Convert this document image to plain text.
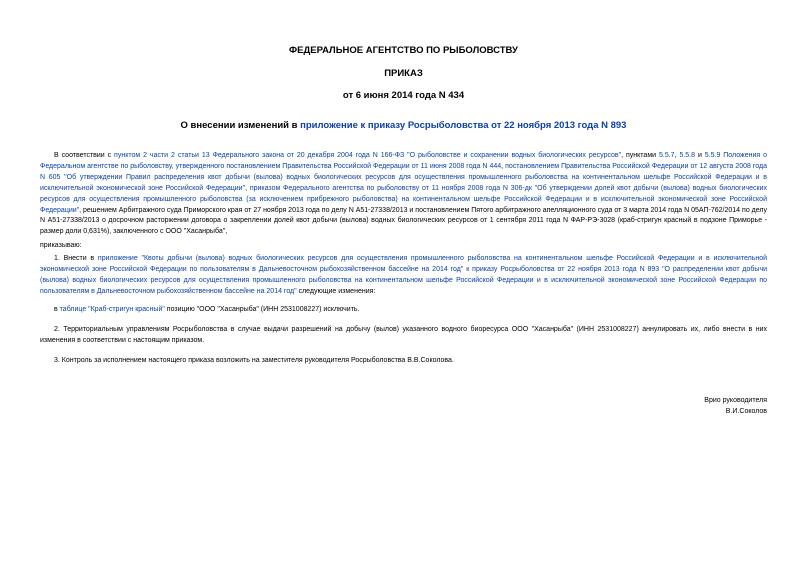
ФЕДЕРАЛЬНОЕ АГЕНТСТВО ПО РЫБОЛОВСТВУ
ПРИКАЗ
от 6 июня 2014 года N 434
О внесении изменений в приложение к приказу Росрыболовства от 22 ноября 2013 года N 893
В соответствии с пунктом 2 части 2 статьи 13 Федерального закона от 20 декабря 2004 года N 166-ФЗ "О рыболовстве и сохранении водных биологических ресурсов", пунктами 5.5.7, 5.5.8 и 5.5.9 Положения о Федеральном агентстве по рыболовству, утвержденного постановлением Правительства Российской Федерации от 11 июня 2008 года N 444, постановлением Правительства Российской Федерации от 12 августа 2008 года N 605 "Об утверждении Правил распределения квот добычи (вылова) водных биологических ресурсов для осуществления промышленного рыболовства на континентальном шельфе Российской Федерации и в исключительной экономической зоне Российской Федерации", приказом Федерального агентства по рыболовству от 11 ноября 2008 года N 306-дк "Об утверждении долей квот добычи (вылова) водных биологических ресурсов для осуществления промышленного рыболовства (за исключением прибрежного рыболовства) на континентальном шельфе Российской Федерации и в исключительной экономической зоне Российской Федерации", решением Арбитражного суда Приморского края от 27 ноября 2013 года по делу N А51-27338/2013 и постановлением Пятого арбитражного апелляционного суда от 3 марта 2014 года N 05АП-762/2014 по делу N А51-27338/2013 о досрочном расторжении договора о закреплении долей квот добычи (вылова) водных биологических ресурсов от 1 сентября 2011 года N ФАР-РЭ-3028 (краб-стригун красный в подзоне Приморье - размер доли 0,631%), заключенного с ООО "Хасанрыба",
приказываю:
1. Внести в приложение "Квоты добычи (вылова) водных биологических ресурсов для осуществления промышленного рыболовства на континентальном шельфе Российской Федерации и в исключительной экономической зоне Российской Федерации по пользователям в Дальневосточном рыбохозяйственном бассейне на 2014 год" к приказу Росрыболовства от 22 ноября 2013 года N 893 "О распределении квот добычи (вылова) водных биологических ресурсов для осуществления промышленного рыболовства на континентальном шельфе Российской Федерации и в исключительной экономической зоне Российской Федерации по пользователям в Дальневосточном рыбохозяйственном бассейне на 2014 год" следующие изменения:
в таблице "Краб-стригун красный" позицию "ООО "Хасанрыба" (ИНН 2531008227) исключить.
2. Территориальным управлениям Росрыболовства в случае выдачи разрешений на добычу (вылов) указанного водного биоресурса ООО "Хасанрыба" (ИНН 2531008227) аннулировать их, либо внести в них изменения в соответствии с настоящим приказом.
3. Контроль за исполнением настоящего приказа возложить на заместителя руководителя Росрыболовства В.В.Соколова.
Врио руководителя
В.И.Соколов
